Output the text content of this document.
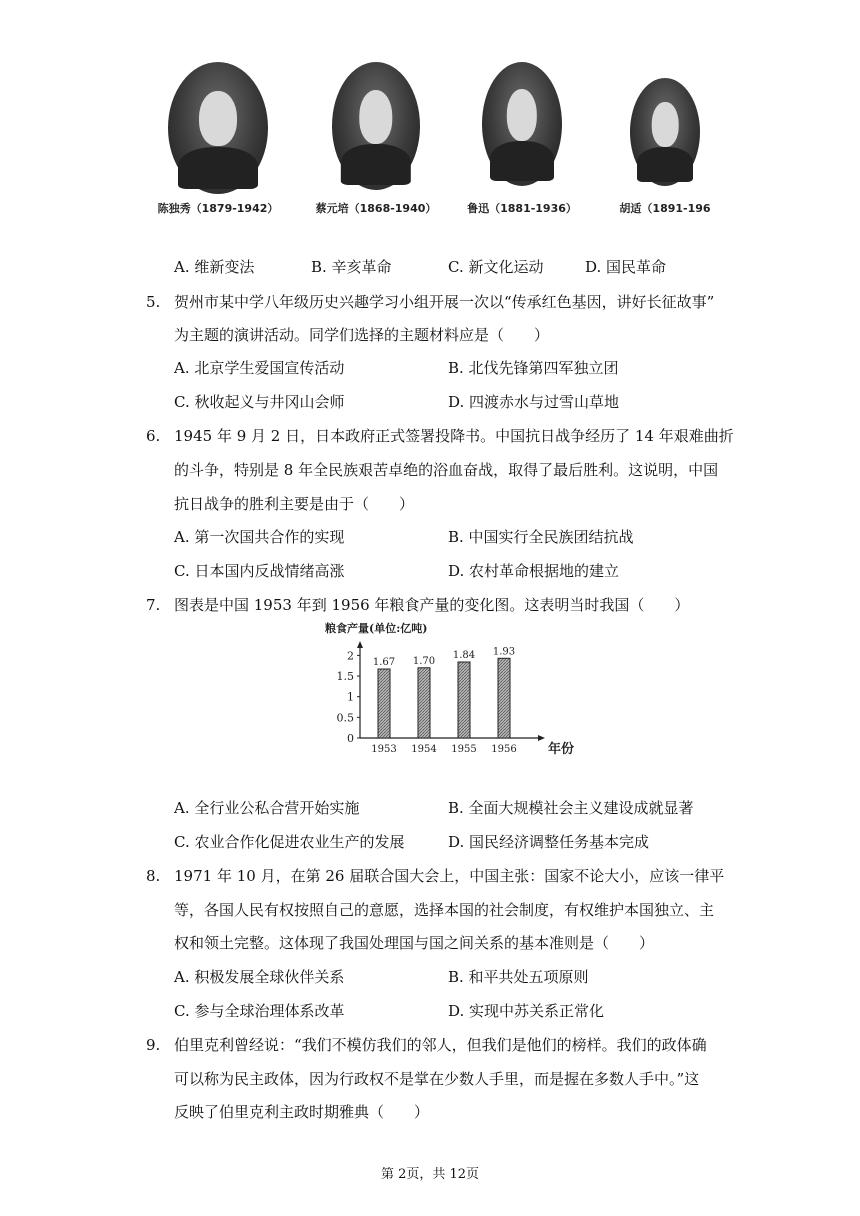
陈独秀（1879-1942）	蔡元培（1868-1940）	鲁迅（1881-1936）	胡适（1891-196
A. 维新变法	B. 辛亥革命	C. 新文化运动	D. 国民革命
5. 贺州市某中学八年级历史兴趣学习小组开展一次以“传承红色基因，讲好长征故事”
为主题的演讲活动。同学们选择的主题材料应是（　　）
A. 北京学生爱国宣传活动	B. 北伐先锋第四军独立团
C. 秋收起义与井冈山会师	D. 四渡赤水与过雪山草地
6. 1945 年 9 月 2 日，日本政府正式签署投降书。中国抗日战争经历了 14 年艰难曲折
的斗争，特别是 8 年全民族艰苦卓绝的浴血奋战，取得了最后胜利。这说明，中国
抗日战争的胜利主要是由于（　　）
A. 第一次国共合作的实现	B. 中国实行全民族团结抗战
C. 日本国内反战情绪高涨	D. 农村革命根据地的建立
7. 图表是中国 1953 年到 1956 年粮食产量的变化图。这表明当时我国（　　）
粮食产量(单位:亿吨)
0
0.5
1
1.5
2
1.67
1953
1.70
1954
1.84
1955
1.93
1956 年份
A. 全行业公私合营开始实施	B. 全面大规模社会主义建设成就显著
C. 农业合作化促进农业生产的发展	D. 国民经济调整任务基本完成
8. 1971 年 10 月，在第 26 届联合国大会上，中国主张：国家不论大小，应该一律平
等，各国人民有权按照自己的意愿，选择本国的社会制度，有权维护本国独立、主
权和领土完整。这体现了我国处理国与国之间关系的基本准则是（　　）
A. 积极发展全球伙伴关系	B. 和平共处五项原则
C. 参与全球治理体系改革	D. 实现中苏关系正常化
9. 伯里克利曾经说：“我们不模仿我们的邻人，但我们是他们的榜样。我们的政体确
可以称为民主政体，因为行政权不是掌在少数人手里，而是握在多数人手中。”这
反映了伯里克利主政时期雅典（　　）
第 2页，共 12页
